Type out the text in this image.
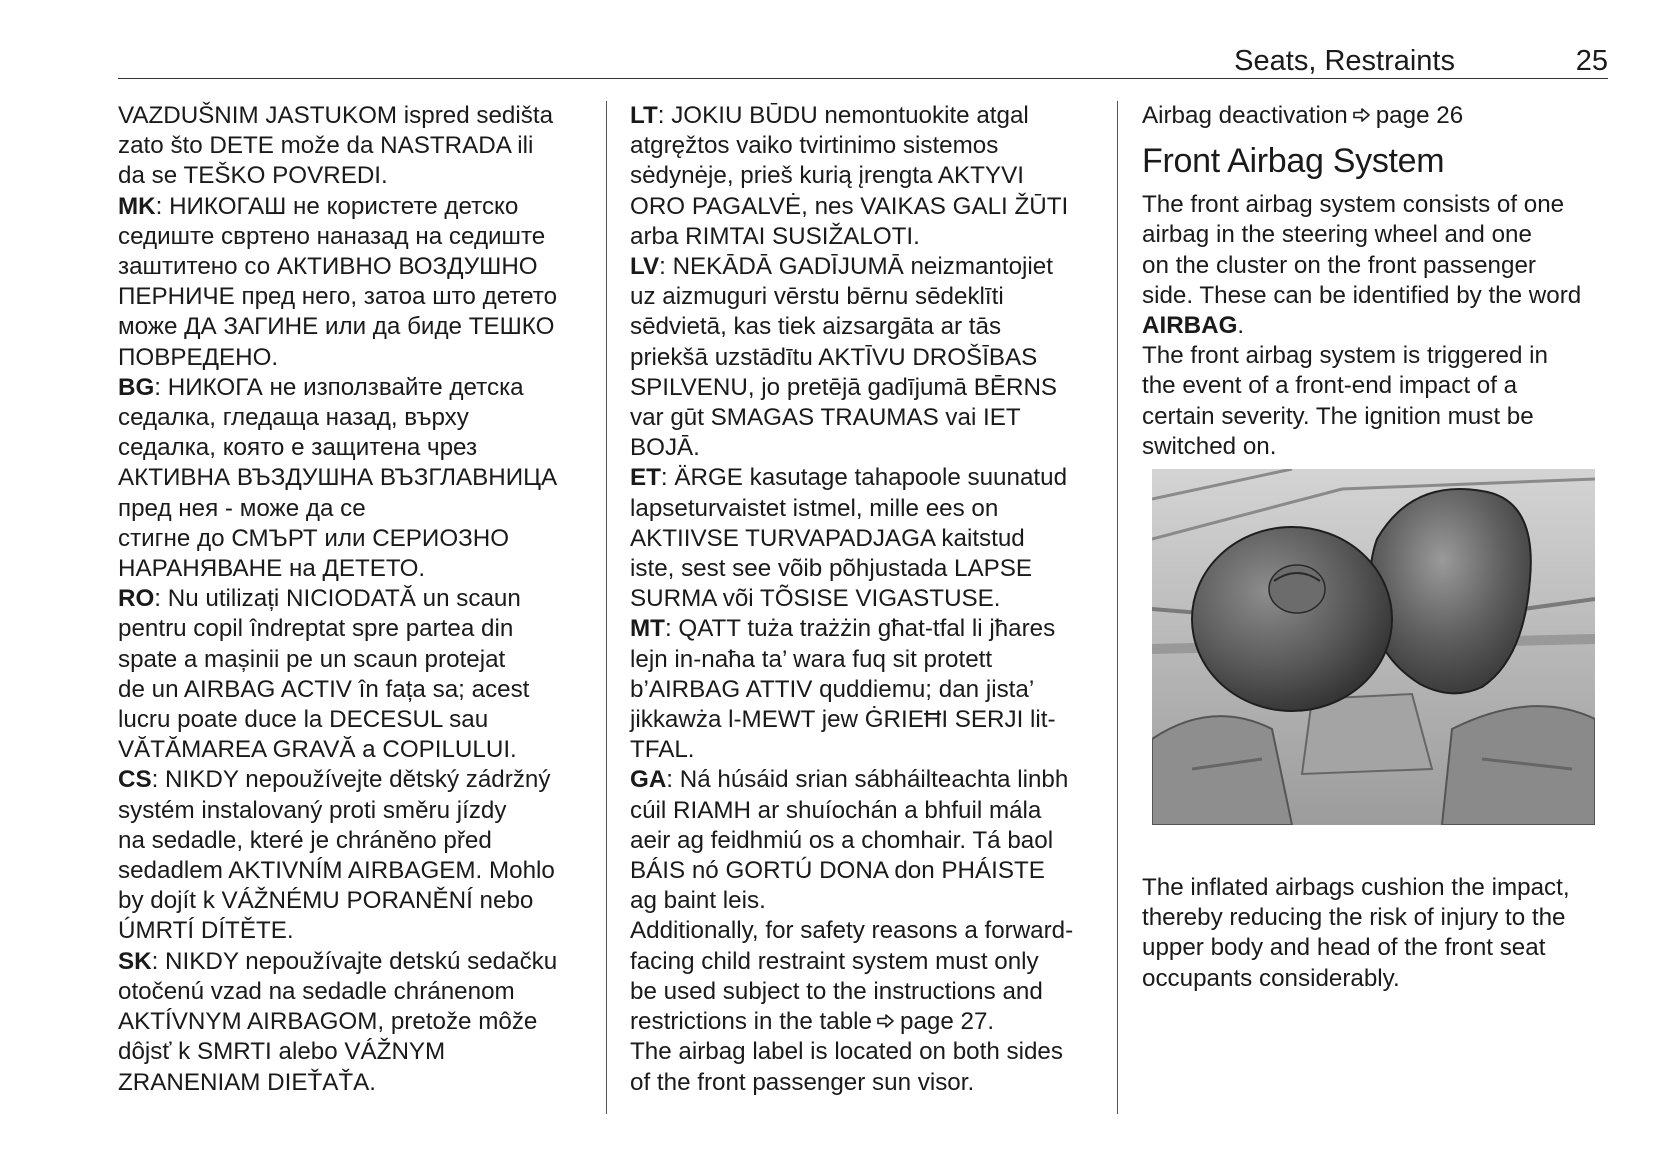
Seats, Restraints	25

VAZDUŠNIM JASTUKOM ispred sedišta
zato što DETE može da NASTRADA ili
da se TEŠKO POVREDI.

MK: НИКОГАШ не користете детско
седиште свртено наназад на седиште
заштитено со АКТИВНО ВОЗДУШНО
ПЕРНИЧЕ пред него, затоа што детето
може ДА ЗАГИНЕ или да биде ТЕШКО
ПОВРЕДЕНО.

BG: НИКОГА не използвайте детска
седалка, гледаща назад, върху
седалка, която е защитена чрез
АКТИВНА ВЪЗДУШНА ВЪЗГЛАВНИЦА
пред нея - може да се
стигне до СМЪРТ или СЕРИОЗНО
НАРАНЯВАНЕ на ДЕТЕТО.

RO: Nu utilizați NICIODATĂ un scaun
pentru copil îndreptat spre partea din
spate a mașinii pe un scaun protejat
de un AIRBAG ACTIV în fața sa; acest
lucru poate duce la DECESUL sau
VĂTĂMAREA GRAVĂ a COPILULUI.

CS: NIKDY nepoužívejte dětský zádržný
systém instalovaný proti směru jízdy
na sedadle, které je chráněno před
sedadlem AKTIVNÍM AIRBAGEM. Mohlo
by dojít k VÁŽNÉMU PORANĚNÍ nebo
ÚMRTÍ DÍTĚTE.

SK: NIKDY nepoužívajte detskú sedačku
otočenú vzad na sedadle chránenom
AKTÍVNYM AIRBAGOM, pretože môže
dôjsť k SMRTI alebo VÁŽNYM
ZRANENIAM DIEŤAŤA.

LT: JOKIU BŪDU nemontuokite atgal
atgręžtos vaiko tvirtinimo sistemos
sėdynėje, prieš kurią įrengta AKTYVI
ORO PAGALVĖ, nes VAIKAS GALI ŽŪTI
arba RIMTAI SUSIŽALOTI.

LV: NEKĀDĀ GADĪJUMĀ neizmantojiet
uz aizmuguri vērstu bērnu sēdeklīti
sēdvietā, kas tiek aizsargāta ar tās
priekšā uzstādītu AKTĪVU DROŠĪBAS
SPILVENU, jo pretējā gadījumā BĒRNS
var gūt SMAGAS TRAUMAS vai IET
BOJĀ.

ET: ÄRGE kasutage tahapoole suunatud
lapseturvaistet istmel, mille ees on
AKTIIVSE TURVAPADJAGA kaitstud
iste, sest see võib põhjustada LAPSE
SURMA või TÕSISE VIGASTUSE.

MT: QATT tuża trażżin għat-tfal li jħares
lejn in-naħa ta’ wara fuq sit protett
b’AIRBAG ATTIV quddiemu; dan jista’
jikkawża l-MEWT jew ĠRIEĦI SERJI lit-
TFAL.

GA: Ná húsáid srian sábháilteachta linbh
cúil RIAMH ar shuíochán a bhfuil mála
aeir ag feidhmiú os a chomhair. Tá baol
BÁIS nó GORTÚ DONA don PHÁISTE
ag baint leis.

Additionally, for safety reasons a forward-
facing child restraint system must only
be used subject to the instructions and
restrictions in the table page 27.

The airbag label is located on both sides
of the front passenger sun visor.

Airbag deactivation page 26

Front Airbag System

The front airbag system consists of one
airbag in the steering wheel and one
on the cluster on the front passenger
side. These can be identified by the word
AIRBAG.

The front airbag system is triggered in
the event of a front-end impact of a
certain severity. The ignition must be
switched on.

The inflated airbags cushion the impact,
thereby reducing the risk of injury to the
upper body and head of the front seat
occupants considerably.
